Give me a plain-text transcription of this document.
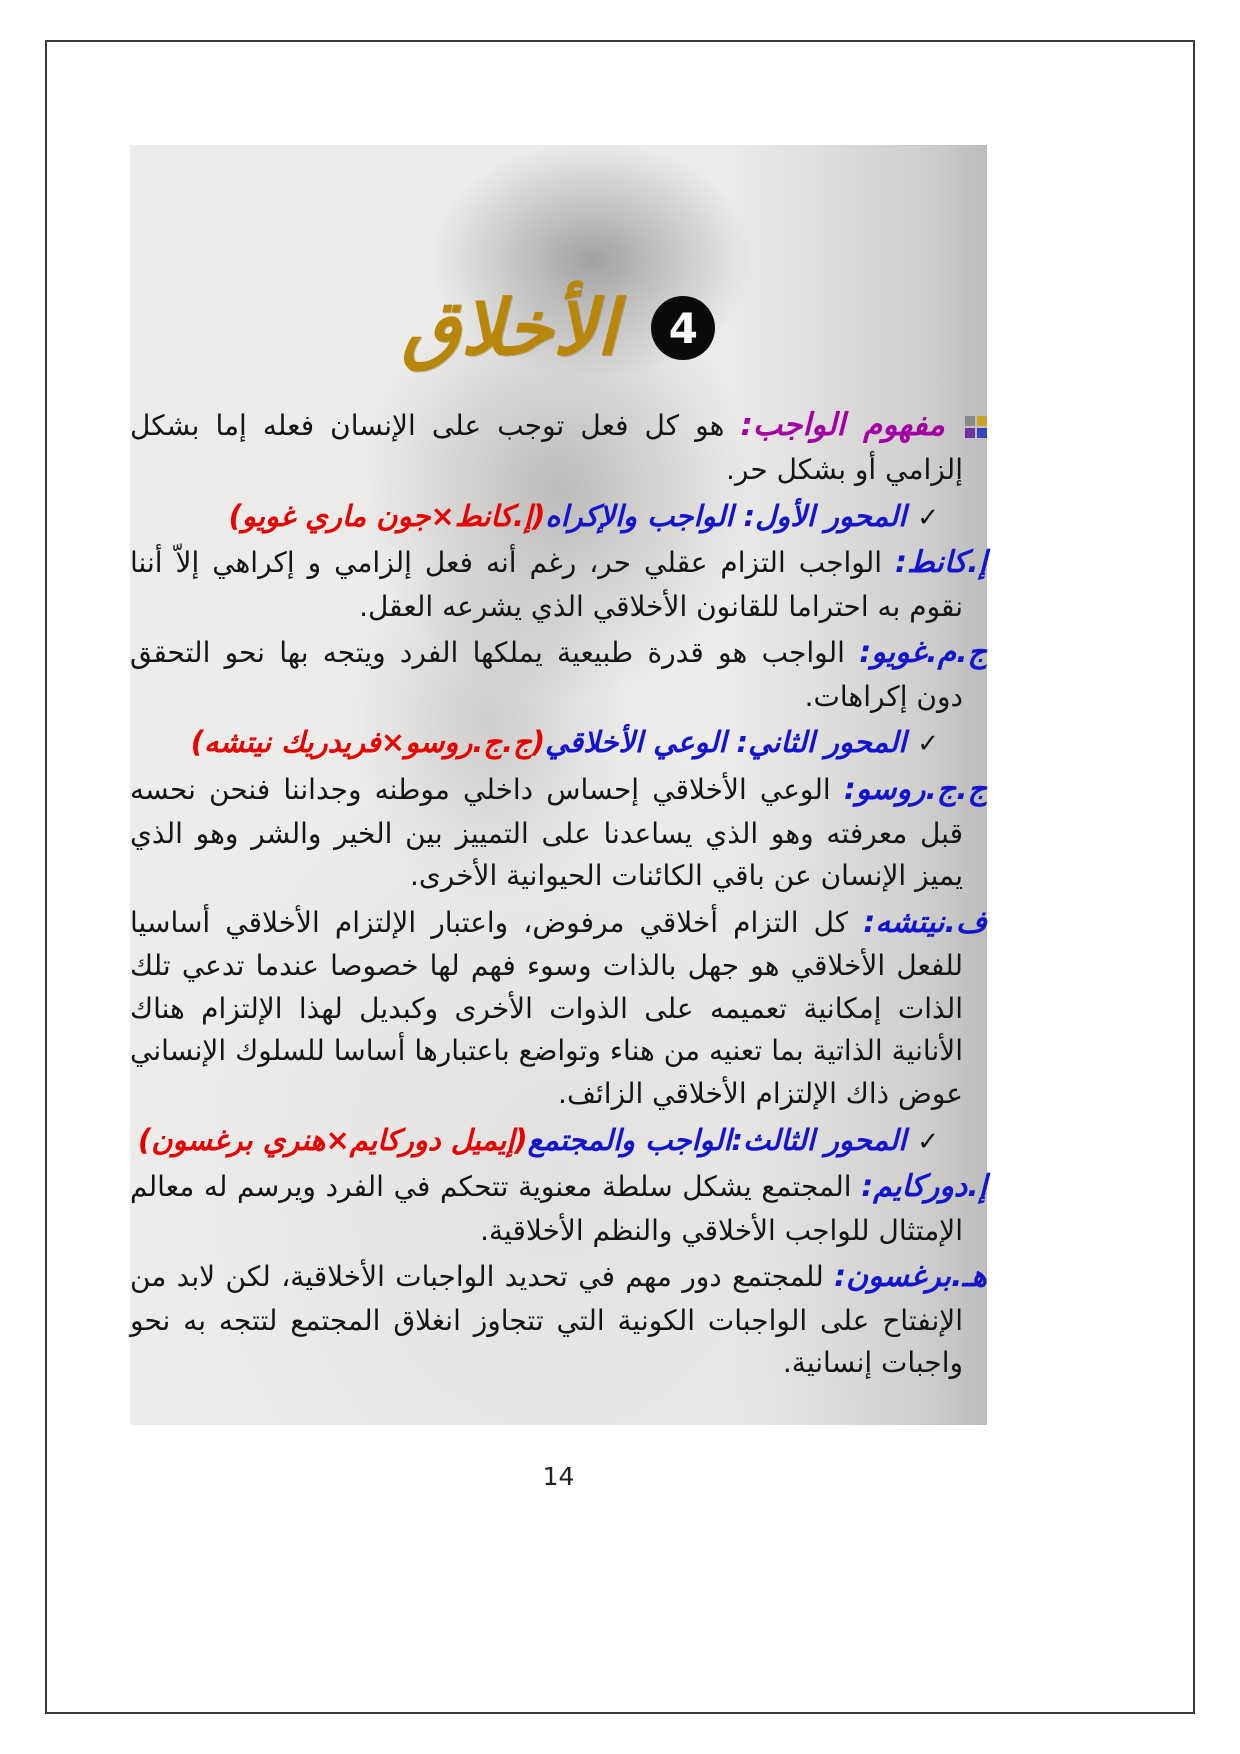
4
الأخلاق

مفهوم الواجب: هو كل فعل توجب على الإنسان فعله إما بشكل إلزامي أو بشكل حر.

✓ المحور الأول: الواجب والإكراه(إ.كانط×جون ماري غويو)

إ.كانط: الواجب التزام عقلي حر، رغم أنه فعل إلزامي و إكراهي إلاّ أننا نقوم به احتراما للقانون الأخلاقي الذي يشرعه العقل.

ج.م.غويو: الواجب هو قدرة طبيعية يملكها الفرد ويتجه بها نحو التحقق دون إكراهات.

✓ المحور الثاني: الوعي الأخلاقي(ج.ج.روسو×فريدريك نيتشه)

ج.ج.روسو: الوعي الأخلاقي إحساس داخلي موطنه وجداننا فنحن نحسه قبل معرفته وهو الذي يساعدنا على التمييز بين الخير والشر وهو الذي يميز الإنسان عن باقي الكائنات الحيوانية الأخرى.

ف.نيتشه: كل التزام أخلاقي مرفوض، واعتبار الإلتزام الأخلاقي أساسيا للفعل الأخلاقي هو جهل بالذات وسوء فهم لها خصوصا عندما تدعي تلك الذات إمكانية تعميمه على الذوات الأخرى وكبديل لهذا الإلتزام هناك الأنانية الذاتية بما تعنيه من هناء وتواضع باعتبارها أساسا للسلوك الإنساني عوض ذاك الإلتزام الأخلاقي الزائف.

✓ المحور الثالث:الواجب والمجتمع(إيميل دوركايم×هنري برغسون)

إ.دوركايم: المجتمع يشكل سلطة معنوية تتحكم في الفرد ويرسم له معالم الإمتثال للواجب الأخلاقي والنظم الأخلاقية.

هـ.برغسون: للمجتمع دور مهم في تحديد الواجبات الأخلاقية، لكن لابد من الإنفتاح على الواجبات الكونية التي تتجاوز انغلاق المجتمع لتتجه به نحو واجبات إنسانية.

14
